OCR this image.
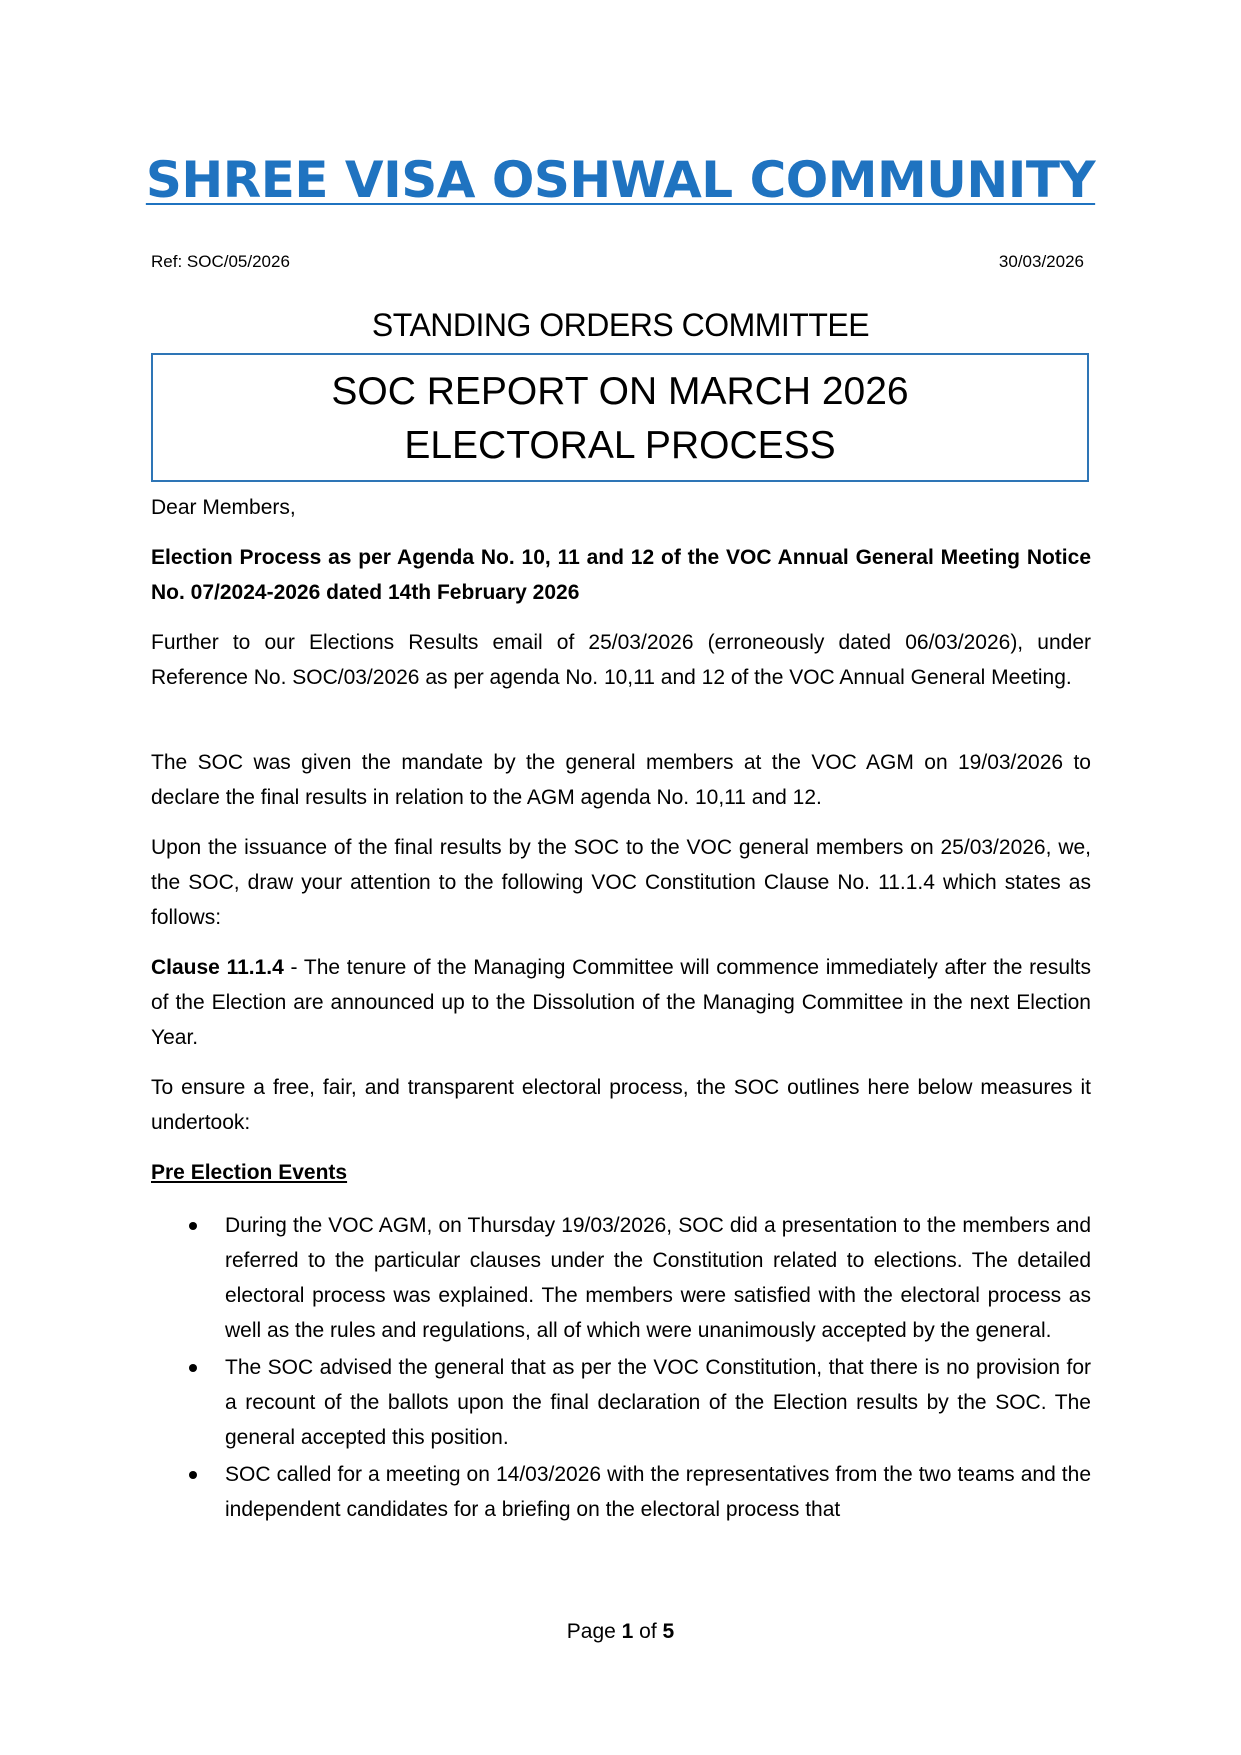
SHREE VISA OSHWAL COMMUNITY
Ref: SOC/05/2026	30/03/2026
STANDING ORDERS COMMITTEE
SOC REPORT ON MARCH 2026
ELECTORAL PROCESS
Dear Members,
Election Process as per Agenda No. 10, 11 and 12 of the VOC Annual General Meeting Notice No. 07/2024-2026 dated 14th February 2026
Further to our Elections Results email of 25/03/2026 (erroneously dated 06/03/2026), under Reference No. SOC/03/2026 as per agenda No. 10,11 and 12 of the VOC Annual General Meeting.
The SOC was given the mandate by the general members at the VOC AGM on 19/03/2026 to declare the final results in relation to the AGM agenda No. 10,11 and 12.
Upon the issuance of the final results by the SOC to the VOC general members on 25/03/2026, we, the SOC, draw your attention to the following VOC Constitution Clause No. 11.1.4 which states as follows:
Clause 11.1.4 - The tenure of the Managing Committee will commence immediately after the results of the Election are announced up to the Dissolution of the Managing Committee in the next Election Year.
To ensure a free, fair, and transparent electoral process, the SOC outlines here below measures it undertook:
Pre Election Events
During the VOC AGM, on Thursday 19/03/2026, SOC did a presentation to the members and referred to the particular clauses under the Constitution related to elections. The detailed electoral process was explained. The members were satisfied with the electoral process as well as the rules and regulations, all of which were unanimously accepted by the general.
The SOC advised the general that as per the VOC Constitution, that there is no provision for a recount of the ballots upon the final declaration of the Election results by the SOC. The general accepted this position.
SOC called for a meeting on 14/03/2026 with the representatives from the two teams and the independent candidates for a briefing on the electoral process that
Page 1 of 5
